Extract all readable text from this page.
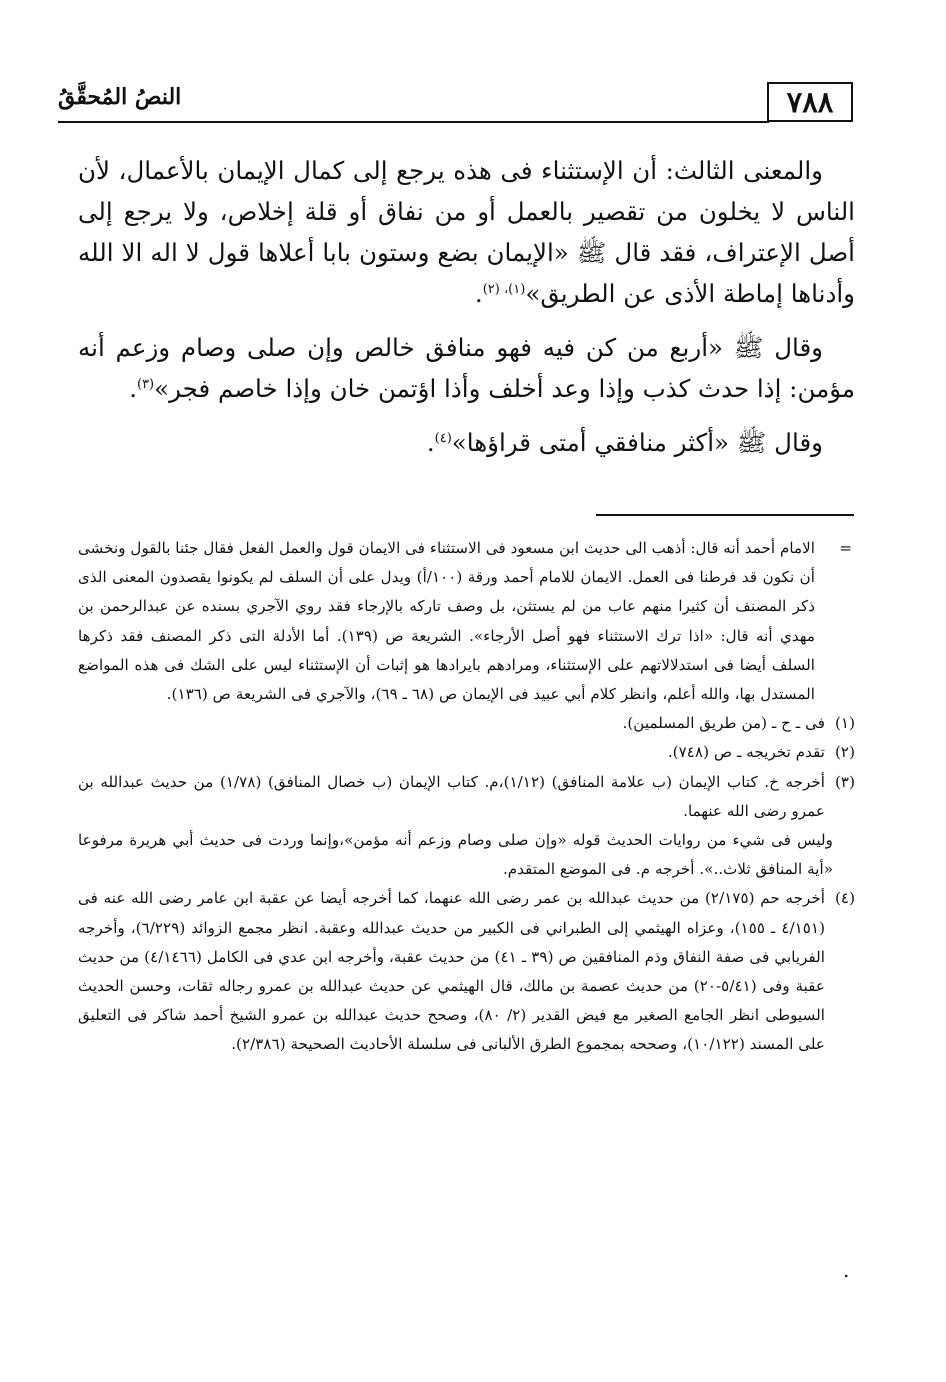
٧٨٨
النصُ المُحقَّقُ

والمعنى الثالث: أن الإستثناء فى هذه يرجع إلى كمال الإيمان بالأعمال، لأن الناس لا يخلون من تقصير بالعمل أو من نفاق أو قلة إخلاص، ولا يرجع إلى أصل الإعتراف، فقد قال ﷺ «الإيمان بضع وستون بابا أعلاها قول لا اله الا الله وأدناها إماطة الأذى عن الطريق»$^{(١)، (٢)}$.

وقال ﷺ «أربع من كن فيه فهو منافق خالص وإن صلى وصام وزعم أنه مؤمن: إذا حدث كذب وإذا وعد أخلف وأذا اؤتمن خان وإذا خاصم فجر»$^{(٣)}$.

وقال ﷺ «أكثر منافقي أمتى قراؤها»$^{(٤)}$.

=
الامام أحمد أنه قال: أذهب الى حديث ابن مسعود فى الاستثناء فى الايمان قول والعمل الفعل فقال جئنا بالقول ونخشى أن نكون قد فرطنا فى العمل. الايمان للامام أحمد ورقة (١٠٠/أ) ويدل على أن السلف لم يكونوا يقصدون المعنى الذى ذكر المصنف أن كثيرا منهم عاب من لم يستثن، بل وصف تاركه بالإرجاء فقد روي الآجري بسنده عن عبدالرحمن بن مهدي أنه قال: «اذا ترك الاستثناء فهو أصل الأرجاء». الشريعة ص (١٣٩). أما الأدلة التى ذكر المصنف فقد ذكرها السلف أيضا فى استدلالاتهم على الإستثناء، ومرادهم بايرادها هو إثبات أن الإستثناء ليس على الشك فى هذه المواضع المستدل بها، والله أعلم، وانظر كلام أبي عبيد فى الإيمان ص (٦٨ ـ ٦٩)، والآجري فى الشريعة ص (١٣٦).

(١)
فى ـ ح ـ (من طريق المسلمين).

(٢)
تقدم تخريجه ـ ص (٧٤٨).

(٣)
أخرجه خ. كتاب الإيمان (ب علامة المنافق) (١/١٢)،م. كتاب الإيمان (ب خصال المنافق) (١/٧٨) من حديث عبدالله بن عمرو رضى الله عنهما.

وليس فى شيء من روايات الحديث قوله «وإن صلى وصام وزعم أنه مؤمن»،وإنما وردت فى حديث أبي هريرة مرفوعا «أية المنافق ثلاث..». أخرجه م. فى الموضع المتقدم.

(٤)
أخرجه حم (٢/١٧٥) من حديث عبدالله بن عمر رضى الله عنهما، كما أخرجه أيضا عن عقبة ابن عامر رضى الله عنه فى (٤/١٥١ ـ ١٥٥)، وعزاه الهيثمي إلى الطبراني فى الكبير من حديث عبدالله وعقبة. انظر مجمع الزوائد (٦/٢٢٩)، وأخرجه الفريابي فى صفة النفاق وذم المنافقين ص (٣٩ ـ ٤١) من حديث عقبة، وأخرجه ابن عدي فى الكامل (٤/١٤٦٦) من حديث عقبة وفى (٥/٤١-٢٠) من حديث عصمة بن مالك، قال الهيثمي عن حديث عبدالله بن عمرو رجاله ثقات، وحسن الحديث السيوطى انظر الجامع الصغير مع فيض القدير (٢/ ٨٠)، وصحح حديث عبدالله بن عمرو الشيخ أحمد شاكر فى التعليق على المسند (١٠/١٢٢)، وصححه بمجموع الطرق الألبانى فى سلسلة الأحاديث الصحيحة (٢/٣٨٦).

.
